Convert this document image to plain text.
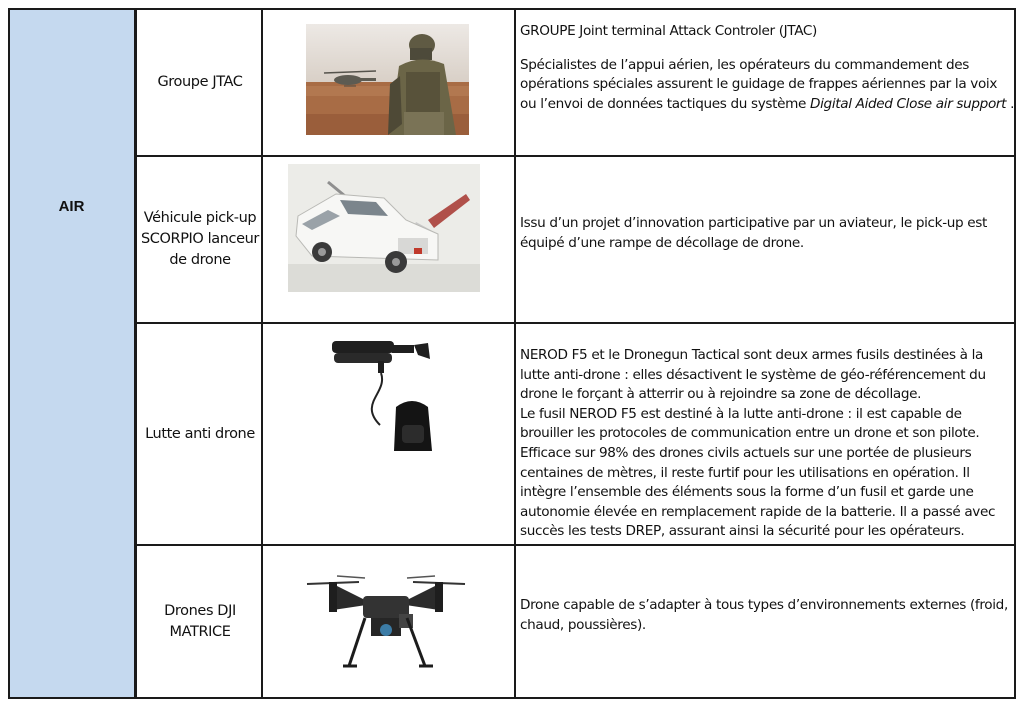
AIR
Groupe JTAC

GROUPE Joint terminal Attack Controler (JTAC)

Spécialistes de l’appui aérien, les opérateurs du commandement des opérations spéciales assurent le guidage de frappes aériennes par la voix ou l’envoi de données tactiques du système Digital Aided Close air support .

Véhicule pick-up SCORPIO lanceur de drone

Issu d’un projet d’innovation participative par un aviateur, le pick-up est équipé d’une rampe de décollage de drone.

Lutte anti drone

NEROD F5 et le Dronegun Tactical sont deux armes fusils destinées à la lutte anti-drone : elles désactivent le système de géo-référencement du drone le forçant à atterrir ou à rejoindre sa zone de décollage.

Le fusil NEROD F5 est destiné à la lutte anti-drone : il est capable de brouiller les protocoles de communication entre un drone et son pilote. Efficace sur 98% des drones civils actuels sur une portée de plusieurs centaines de mètres, il reste furtif pour les utilisations en opération. Il intègre l’ensemble des éléments sous la forme d’un fusil et garde une autonomie élevée en remplacement rapide de la batterie. Il a passé avec succès les tests DREP, assurant ainsi la sécurité pour les opérateurs.

Drones DJI MATRICE

Drone capable de s’adapter à tous types d’environnements externes (froid, chaud, poussières).
